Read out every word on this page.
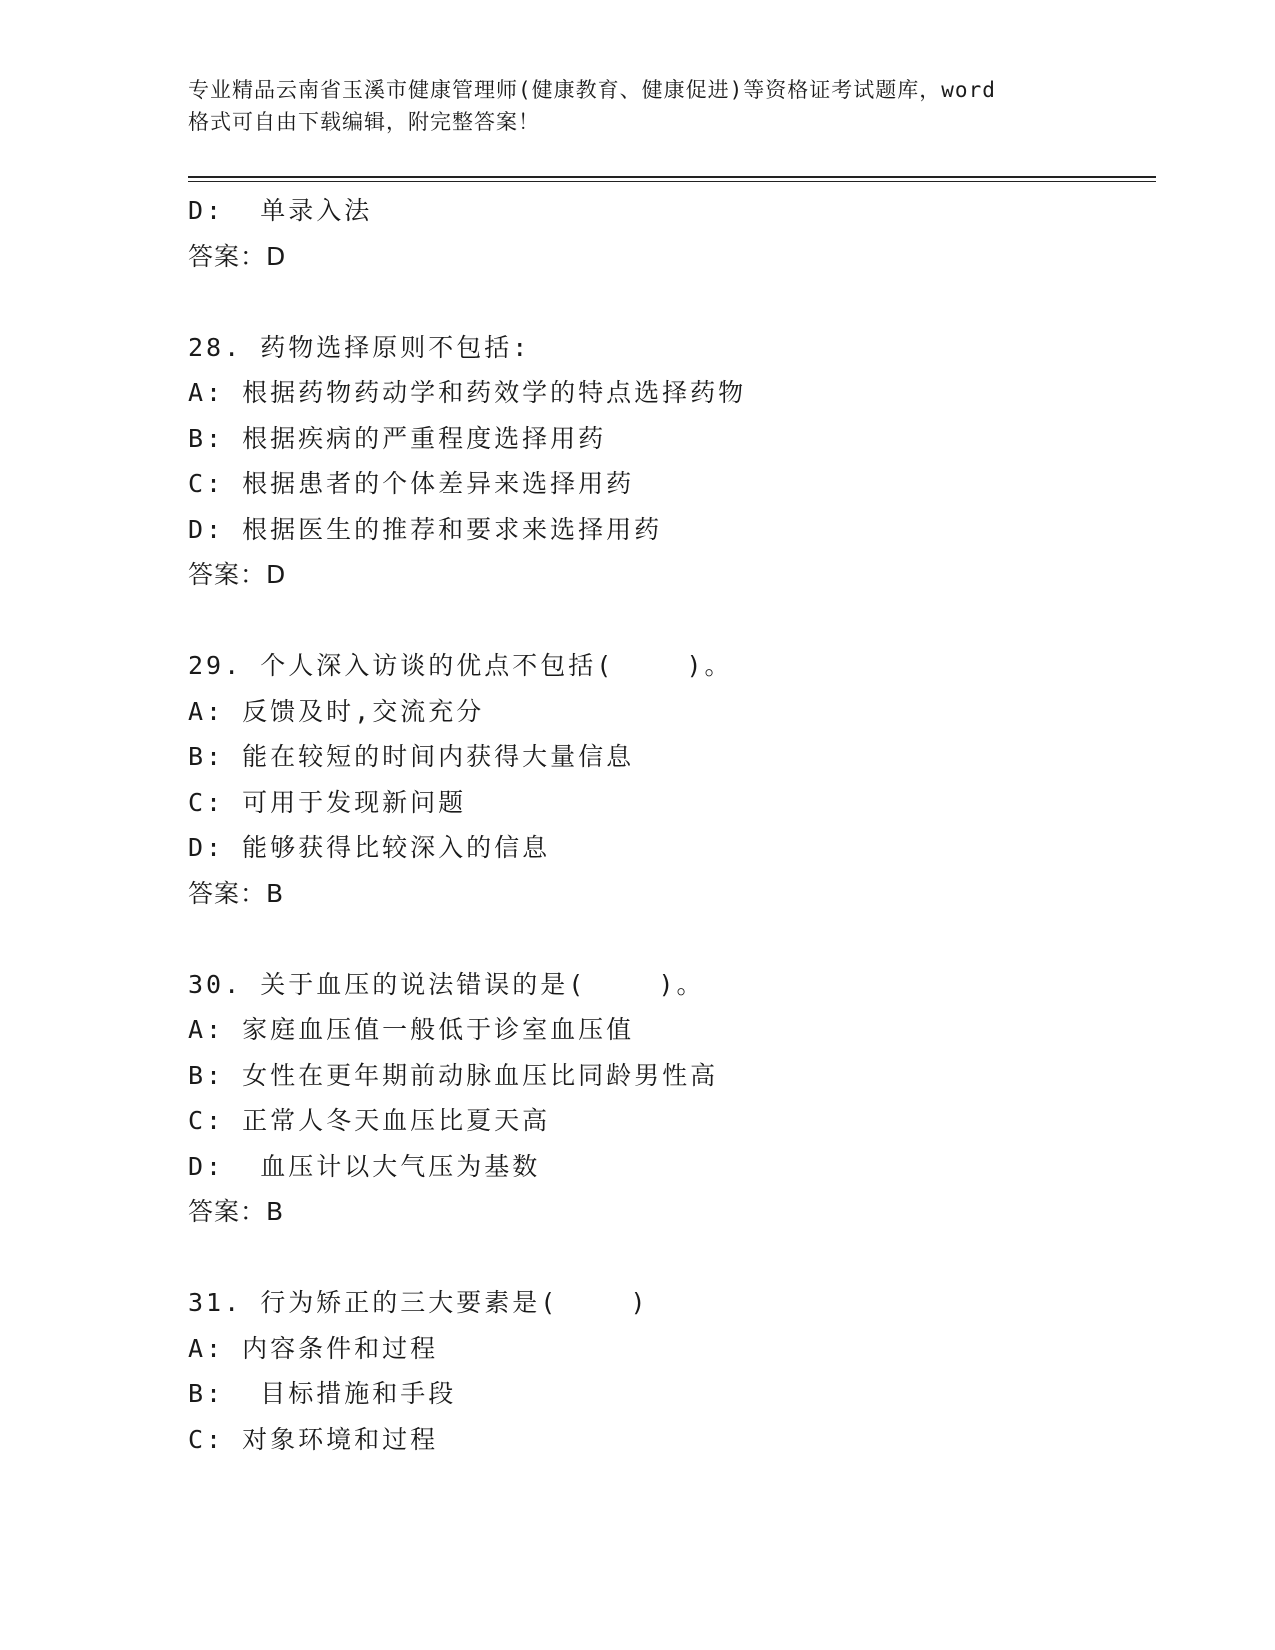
专业精品云南省玉溪市健康管理师(健康教育、健康促进)等资格证考试题库，word
格式可自由下载编辑，附完整答案！
D:  单录入法
答案：D
28. 药物选择原则不包括:
A: 根据药物药动学和药效学的特点选择药物
B: 根据疾病的严重程度选择用药
C: 根据患者的个体差异来选择用药
D: 根据医生的推荐和要求来选择用药
答案：D
29. 个人深入访谈的优点不包括(    )。
A: 反馈及时,交流充分
B: 能在较短的时间内获得大量信息
C: 可用于发现新问题
D: 能够获得比较深入的信息
答案：B
30. 关于血压的说法错误的是(    )。
A: 家庭血压值一般低于诊室血压值
B: 女性在更年期前动脉血压比同龄男性高
C: 正常人冬天血压比夏天高
D:  血压计以大气压为基数
答案：B
31. 行为矫正的三大要素是(    )
A: 内容条件和过程
B:  目标措施和手段
C: 对象环境和过程
